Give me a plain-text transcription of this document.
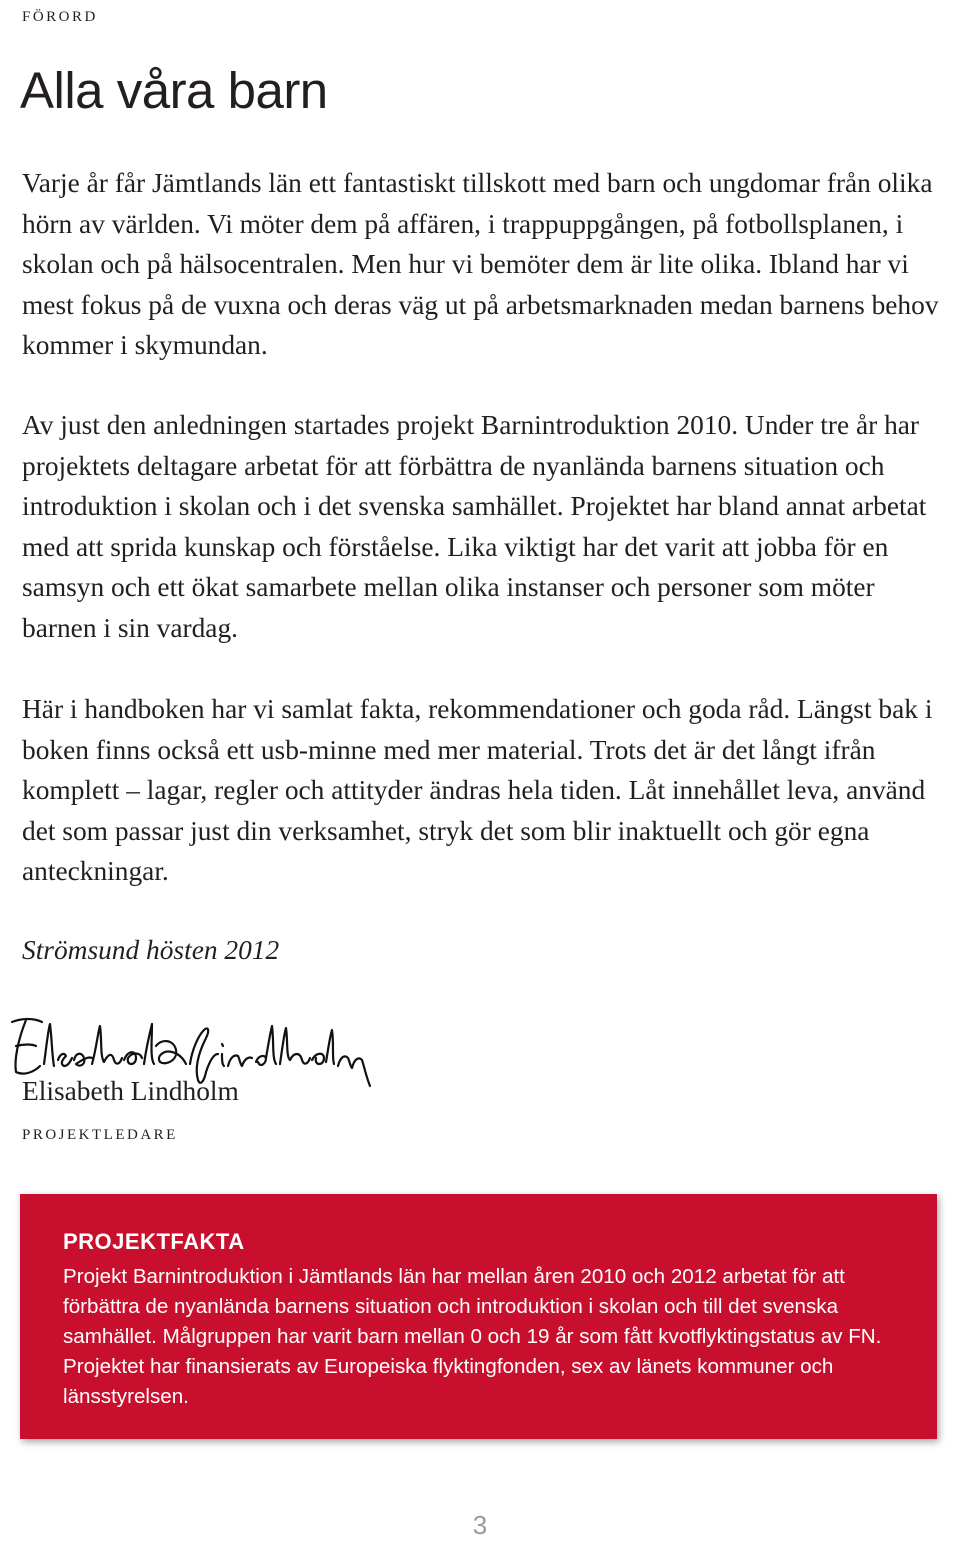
förord

Alla våra barn

Varje år får Jämtlands län ett fantastiskt tillskott med barn och ungdomar från olika hörn av världen. Vi möter dem på affären, i trappuppgången, på fotbollsplanen, i skolan och på hälsocentralen. Men hur vi bemöter dem är lite olika. Ibland har vi mest fokus på de vuxna och deras väg ut på arbetsmarknaden medan barnens behov kommer i skymundan.

Av just den anledningen startades projekt Barnintroduktion 2010. Under tre år har projektets deltagare arbetat för att förbättra de nyanlända barnens situation och introduktion i skolan och i det svenska samhället. Projektet har bland annat arbetat med att sprida kunskap och förståelse. Lika viktigt har det varit att jobba för en samsyn och ett ökat samarbete mellan olika instanser och personer som möter barnen i sin vardag.

Här i handboken har vi samlat fakta, rekommendationer och goda råd. Längst bak i boken finns också ett usb-minne med mer material. Trots det är det långt ifrån komplett – lagar, regler och attityder ändras hela tiden. Låt innehållet leva, använd det som passar just din verksamhet, stryk det som blir inaktuellt och gör egna anteckningar.

Strömsund hösten 2012

Elisabeth Lindholm

projektledare

PROJEKTFAKTA

Projekt Barnintroduktion i Jämtlands län har mellan åren 2010 och 2012 arbetat för att förbättra de nyanlända barnens situation och introduktion i skolan och till det svenska samhället. Målgruppen har varit barn mellan 0 och 19 år som fått kvotflyktingstatus av FN. Projektet har finansierats av Europeiska flyktingfonden, sex av länets kommuner och länsstyrelsen.

3
